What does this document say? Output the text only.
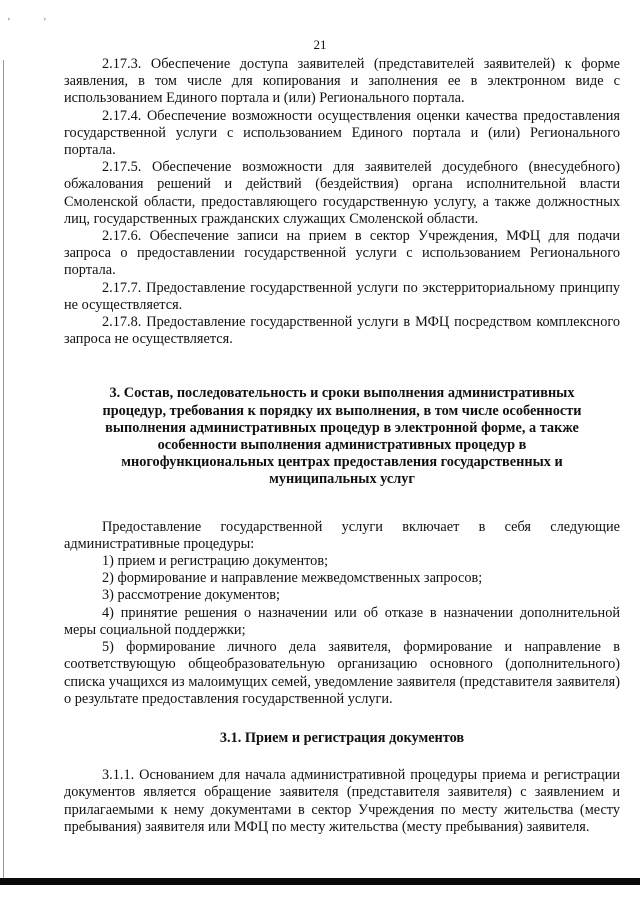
'	'
21

2.17.3. Обеспечение доступа заявителей (представителей заявителей) к форме заявления, в том числе для копирования и заполнения ее в электронном виде с использованием Единого портала и (или) Регионального портала.

2.17.4. Обеспечение возможности осуществления оценки качества предоставления государственной услуги с использованием Единого портала и (или) Регионального портала.

2.17.5. Обеспечение возможности для заявителей досудебного (внесудебного) обжалования решений и действий (бездействия) органа исполнительной власти Смоленской области, предоставляющего государственную услугу, а также должностных лиц, государственных гражданских служащих Смоленской области.

2.17.6. Обеспечение записи на прием в сектор Учреждения, МФЦ для подачи запроса о предоставлении государственной услуги с использованием Регионального портала.

2.17.7. Предоставление государственной услуги по экстерриториальному принципу не осуществляется.

2.17.8. Предоставление государственной услуги в МФЦ посредством комплексного запроса не осуществляется.

3. Состав, последовательность и сроки выполнения административных
процедур, требования к порядку их выполнения, в том числе особенности
выполнения административных процедур в электронной форме, а также
особенности выполнения административных процедур в
многофункциональных центрах предоставления государственных и
муниципальных услуг

Предоставление государственной услуги включает в себя следующие административные процедуры:

1) прием и регистрацию документов;

2) формирование и направление межведомственных запросов;

3) рассмотрение документов;

4) принятие решения о назначении или об отказе в назначении дополнительной меры социальной поддержки;

5) формирование личного дела заявителя, формирование и направление в соответствующую общеобразовательную организацию основного (дополнительного) списка учащихся из малоимущих семей, уведомление заявителя (представителя заявителя) о результате предоставления государственной услуги.

3.1. Прием и регистрация документов

3.1.1. Основанием для начала административной процедуры приема и регистрации документов является обращение заявителя (представителя заявителя) с заявлением и прилагаемыми к нему документами в сектор Учреждения по месту жительства (месту пребывания) заявителя или МФЦ по месту жительства (месту пребывания) заявителя.
